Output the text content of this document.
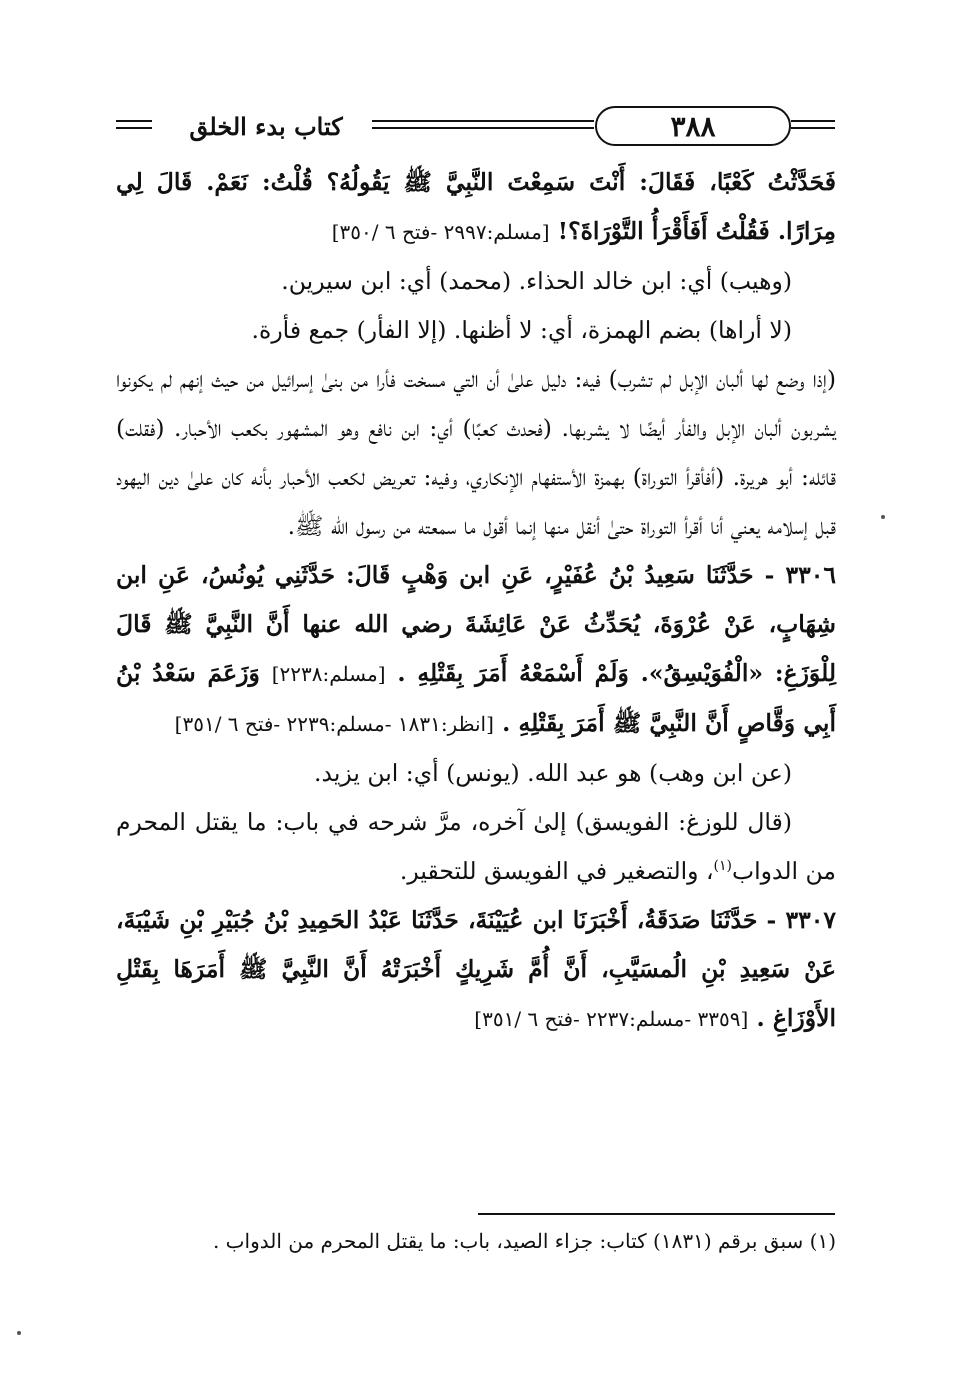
كتاب بدء الخلق	٣٨٨

فَحَدَّثْتُ كَعْبًا، فَقَالَ: أَنْتَ سَمِعْتَ النَّبِيَّ ﷺ يَقُولُهُ؟ قُلْتُ: نَعَمْ. قَالَ لِي مِرَارًا. فَقُلْتُ أَفَأَقْرَأُ التَّوْرَاةَ؟! [مسلم:٢٩٩٧ -فتح ٦ /٣٥٠]

(وهيب) أي: ابن خالد الحذاء. (محمد) أي: ابن سيرين.

(لا أراها) بضم الهمزة، أي: لا أظنها. (إلا الفأر) جمع فأرة.

(إذا وضع لها ألبان الإبل لم تشرب) فيه: دليل علىٰ أن التي مسخت فأرا من بنیٰ إسرائيل من حيث إنهم لم يكونوا يشربون ألبان الإبل والفأر أيضًا لا يشربها. (فحدث كعبًا) أي: ابن نافع وهو المشهور بكعب الأحبار. (فقلت) قائله: أبو هريرة. (أفأقرأ التوراة) بهمزة الأستفهام الإنكاري، وفيه: تعريض لكعب الأحبار بأنه كان علىٰ دين اليهود قبل إسلامه يعني أنا أقرأ التوراة حتىٰ أنقل منها إنما أقول ما سمعته من رسول الله ﷺ.

٣٣٠٦ - حَدَّثَنَا سَعِيدُ بْنُ عُفَيْرٍ، عَنِ ابن وَهْبٍ قَالَ: حَدَّثَنِي يُونُسُ، عَنِ ابن شِهَابٍ، عَنْ عُرْوَةَ، يُحَدِّثُ عَنْ عَائِشَةَ رضي الله عنها أَنَّ النَّبِيَّ ﷺ قَالَ لِلْوَزَغِ: «الْفُوَيْسِقُ». وَلَمْ أَسْمَعْهُ أَمَرَ بِقَتْلِهِ . [مسلم:٢٢٣٨] وَزَعَمَ سَعْدُ بْنُ أَبِي وَقَّاصٍ أَنَّ النَّبِيَّ ﷺ أَمَرَ بِقَتْلِهِ . [انظر:١٨٣١ -مسلم:٢٢٣٩ -فتح ٦ /٣٥١]

(عن ابن وهب) هو عبد الله. (يونس) أي: ابن يزيد.

(قال للوزغ: الفويسق) إلىٰ آخره، مرَّ شرحه في باب: ما يقتل المحرم من الدواب$^{(١)}$، والتصغير في الفويسق للتحقير.

٣٣٠٧ - حَدَّثَنَا صَدَقَةُ، أَخْبَرَنَا ابن عُيَيْنَةَ، حَدَّثَنَا عَبْدُ الحَمِيدِ بْنُ جُبَيْرِ بْنِ شَيْبَةَ، عَنْ سَعِيدِ بْنِ الُمسَيَّبِ، أَنَّ أُمَّ شَرِيكٍ أَخْبَرَتْهُ أَنَّ النَّبِيَّ ﷺ أَمَرَهَا بِقَتْلِ الأَوْزَاغِ . [٣٣٥٩ -مسلم:٢٢٣٧ -فتح ٦ /٣٥١]

(١) سبق برقم (١٨٣١) كتاب: جزاء الصيد، باب: ما يقتل المحرم من الدواب .
